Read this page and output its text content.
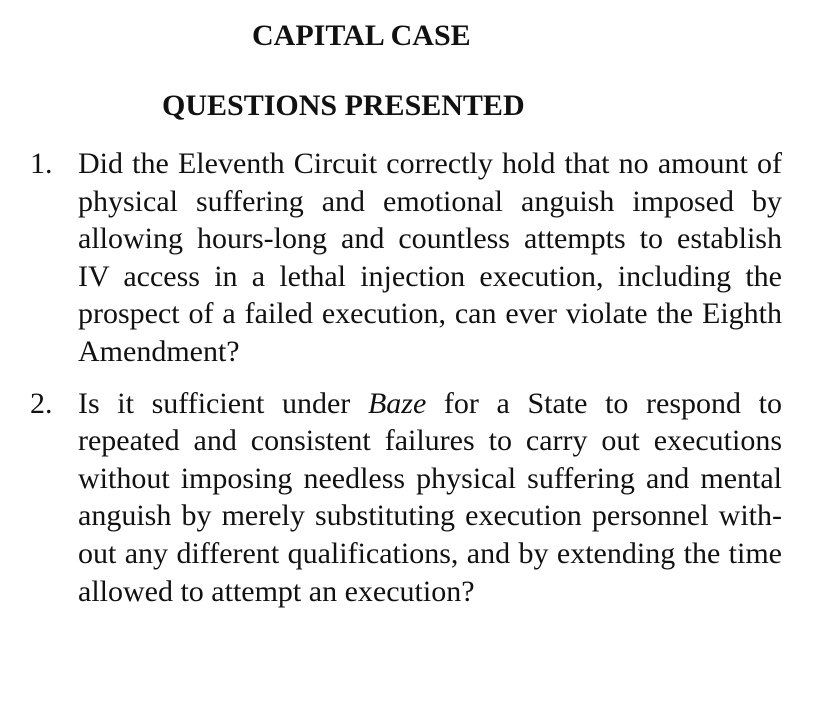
CAPITAL CASE
QUESTIONS PRESENTED
1. Did the Eleventh Circuit correctly hold that no amount of physical suffering and emotional anguish imposed by allowing hours-long and countless attempts to establish IV access in a lethal injection execution, including the prospect of a failed execution, can ever violate the Eighth Amendment?
2. Is it sufficient under Baze for a State to respond to repeated and consistent failures to carry out executions without imposing needless physical suffering and mental anguish by merely substituting execution personnel without any different qualifications, and by extending the time allowed to attempt an execution?
